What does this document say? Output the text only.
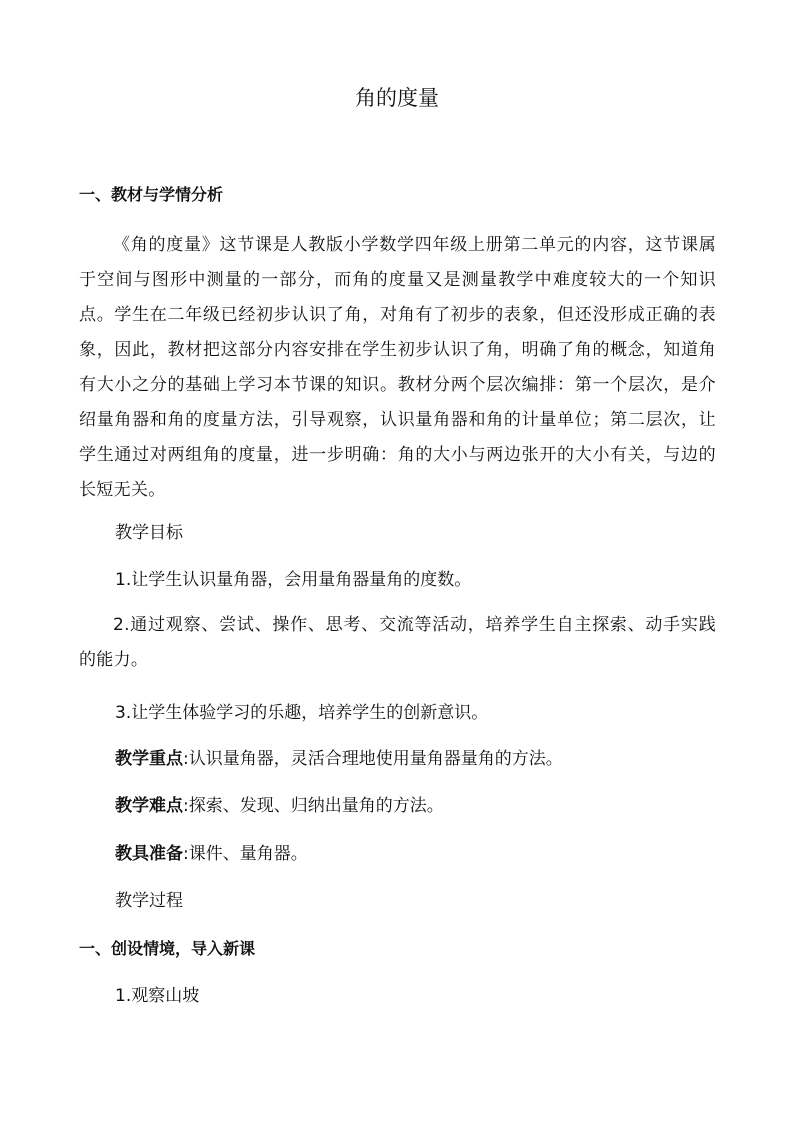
角的度量
一、教材与学情分析
《角的度量》这节课是人教版小学数学四年级上册第二单元的内容，这节课属于空间与图形中测量的一部分，而角的度量又是测量教学中难度较大的一个知识点。学生在二年级已经初步认识了角，对角有了初步的表象，但还没形成正确的表象，因此，教材把这部分内容安排在学生初步认识了角，明确了角的概念，知道角有大小之分的基础上学习本节课的知识。教材分两个层次编排：第一个层次，是介绍量角器和角的度量方法，引导观察，认识量角器和角的计量单位；第二层次，让学生通过对两组角的度量，进一步明确：角的大小与两边张开的大小有关，与边的长短无关。
教学目标
1.让学生认识量角器，会用量角器量角的度数。
2.通过观察、尝试、操作、思考、交流等活动，培养学生自主探索、动手实践的能力。
3.让学生体验学习的乐趣，培养学生的创新意识。
教学重点:认识量角器，灵活合理地使用量角器量角的方法。
教学难点:探索、发现、归纳出量角的方法。
教具准备:课件、量角器。
教学过程
一、创设情境，导入新课
1.观察山坡
